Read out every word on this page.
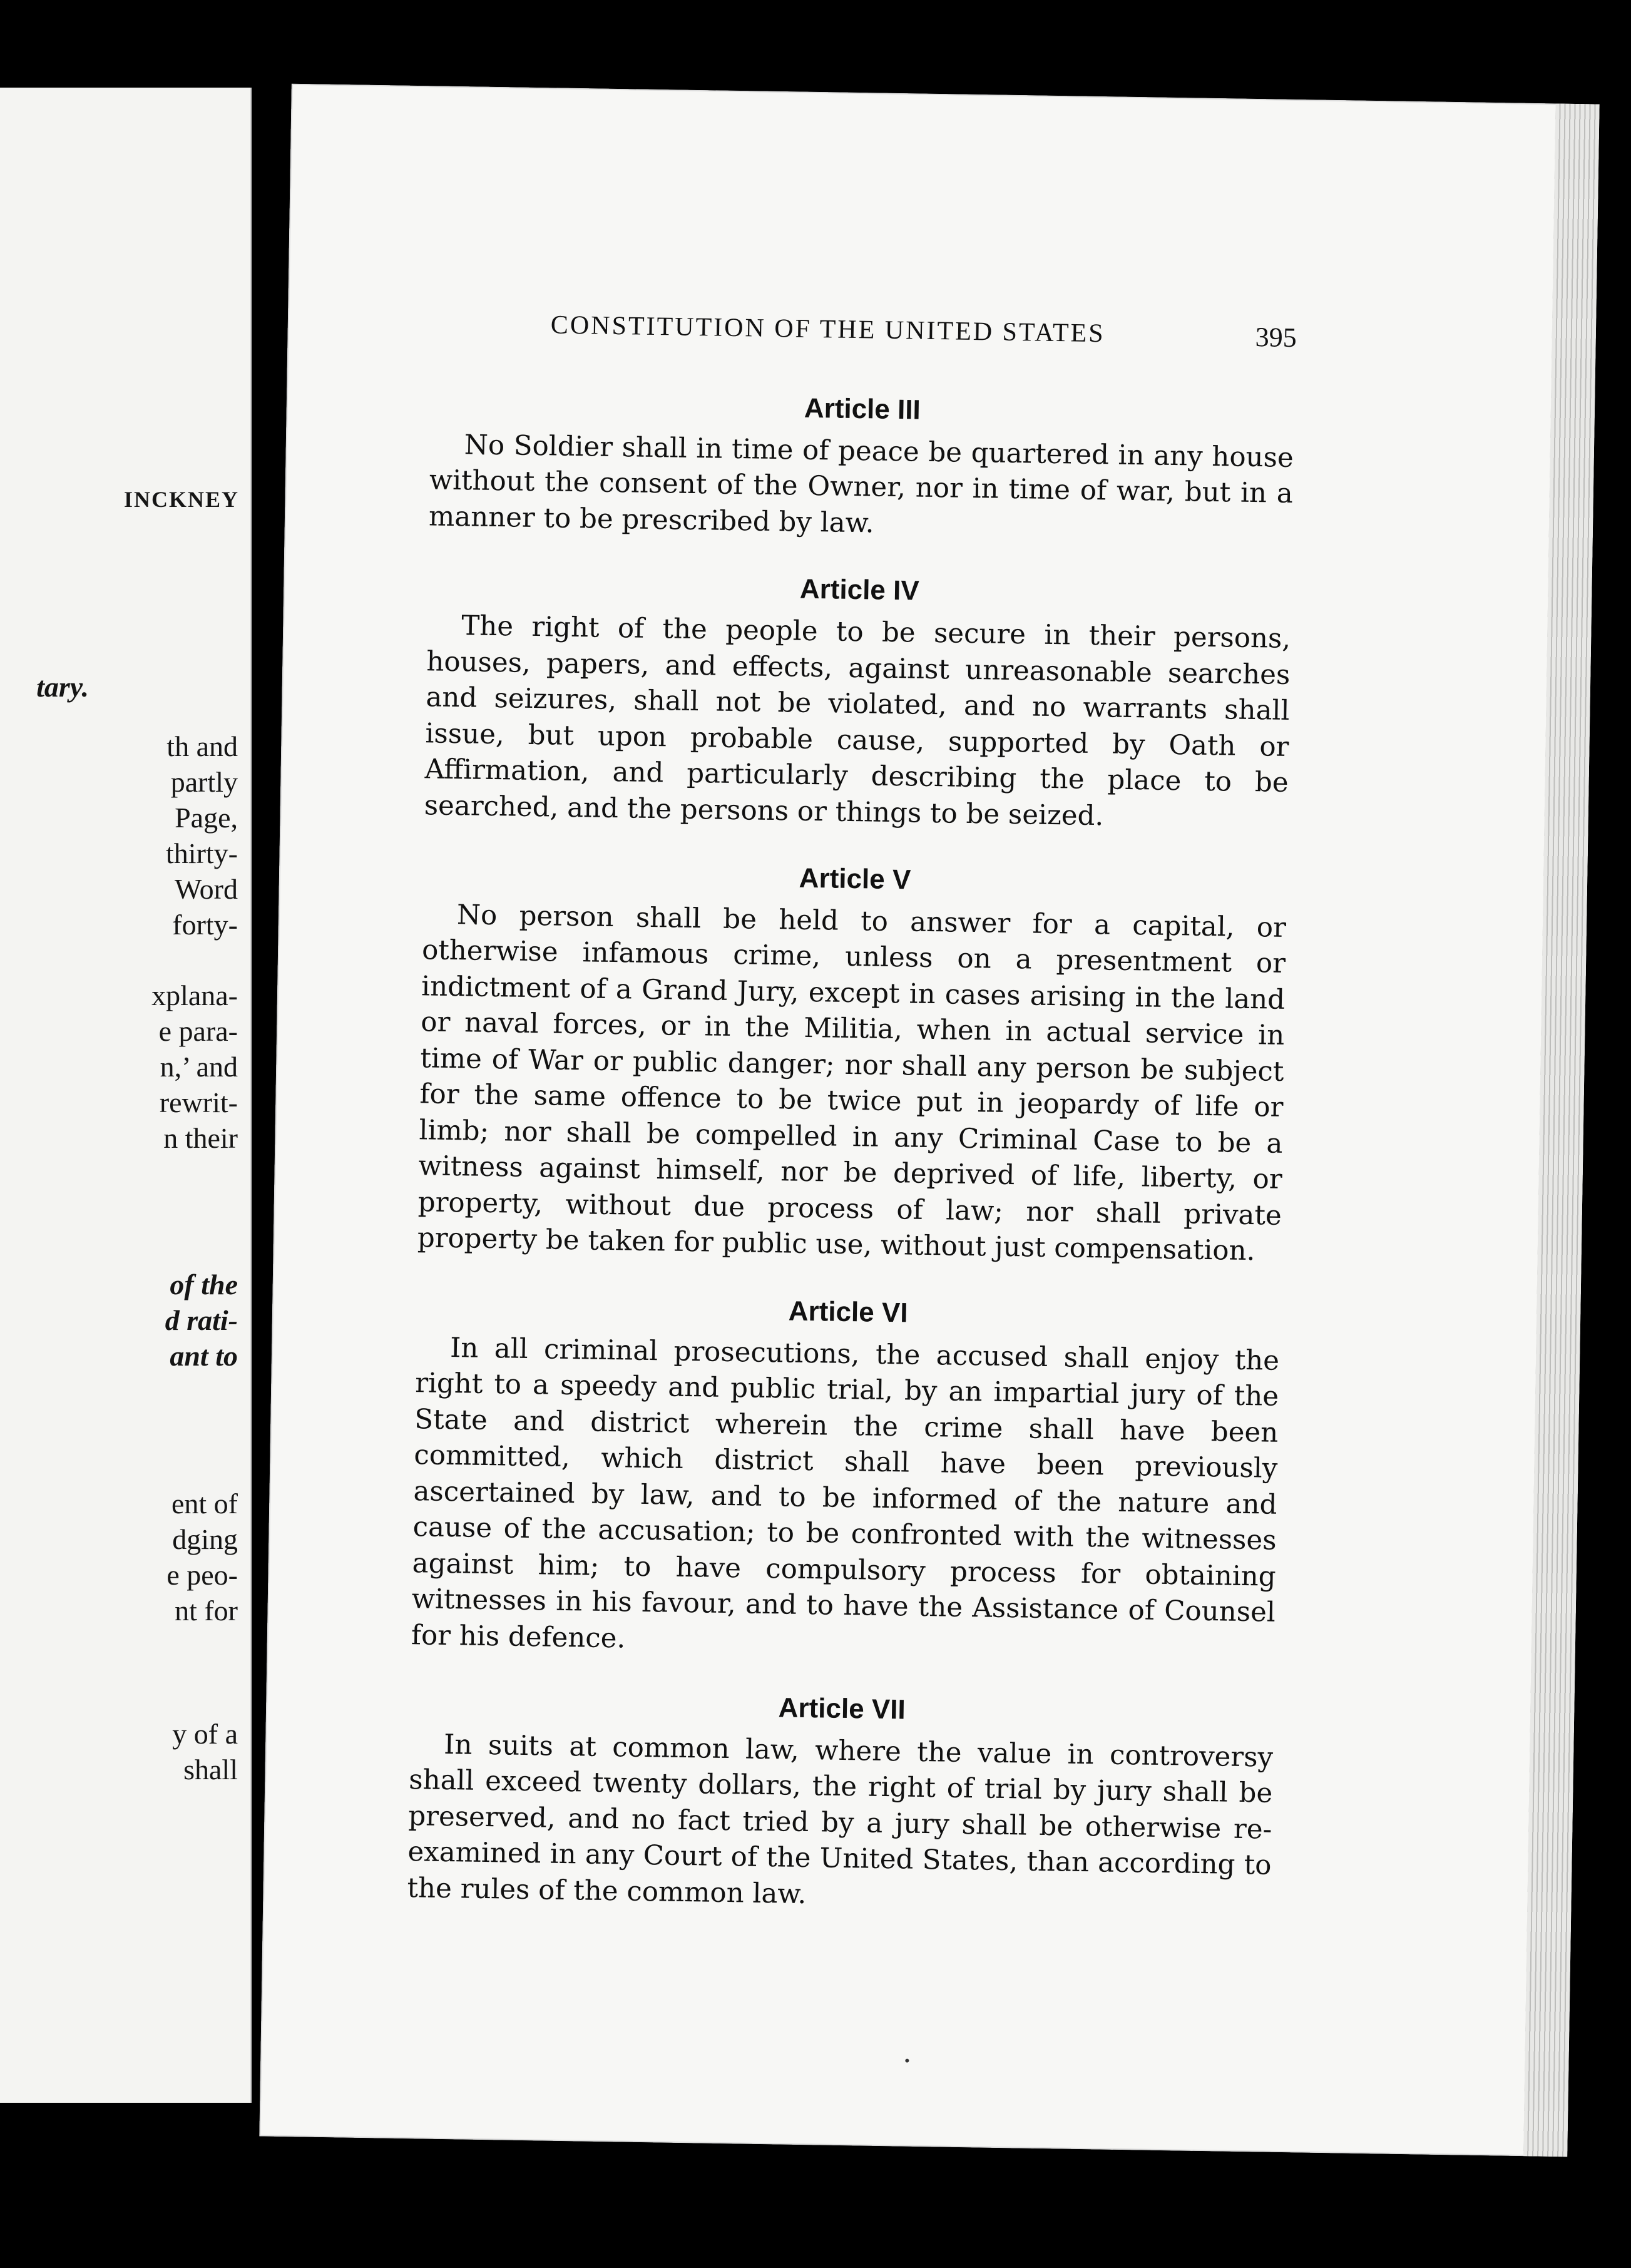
INCKNEY
tary.
th and
partly
Page,
thirty-
Word
forty-
xplana-
e para-
n,’ and
rewrit-
n their
of the
d rati-
ant to
ent of
dging
e peo-
nt for
y of a
shall
CONSTITUTION OF THE UNITED STATES	395
Article III

No Soldier shall in time of peace be quartered in any house without the consent of the Owner, nor in time of war, but in a manner to be prescribed by law.

Article IV

The right of the people to be secure in their persons, houses, papers, and effects, against unreasonable searches and seizures, shall not be violated, and no warrants shall issue, but upon probable cause, supported by Oath or Affirmation, and particularly describing the place to be searched, and the persons or things to be seized.

Article V

No person shall be held to answer for a capital, or otherwise infamous crime, unless on a presentment or indictment of a Grand Jury, except in cases arising in the land or naval forces, or in the Militia, when in actual service in time of War or public danger; nor shall any person be subject for the same offence to be twice put in jeopardy of life or limb; nor shall be compelled in any Criminal Case to be a witness against himself, nor be deprived of life, liberty, or property, without due process of law; nor shall private property be taken for public use, without just compensation.

Article VI

In all criminal prosecutions, the accused shall enjoy the right to a speedy and public trial, by an impartial jury of the State and district wherein the crime shall have been committed, which district shall have been previously ascertained by law, and to be informed of the nature and cause of the accusation; to be confronted with the witnesses against him; to have compulsory process for obtaining witnesses in his favour, and to have the Assistance of Counsel for his defence.

Article VII

In suits at common law, where the value in controversy shall exceed twenty dollars, the right of trial by jury shall be preserved, and no fact tried by a jury shall be otherwise re-examined in any Court of the United States, than according to the rules of the common law.
